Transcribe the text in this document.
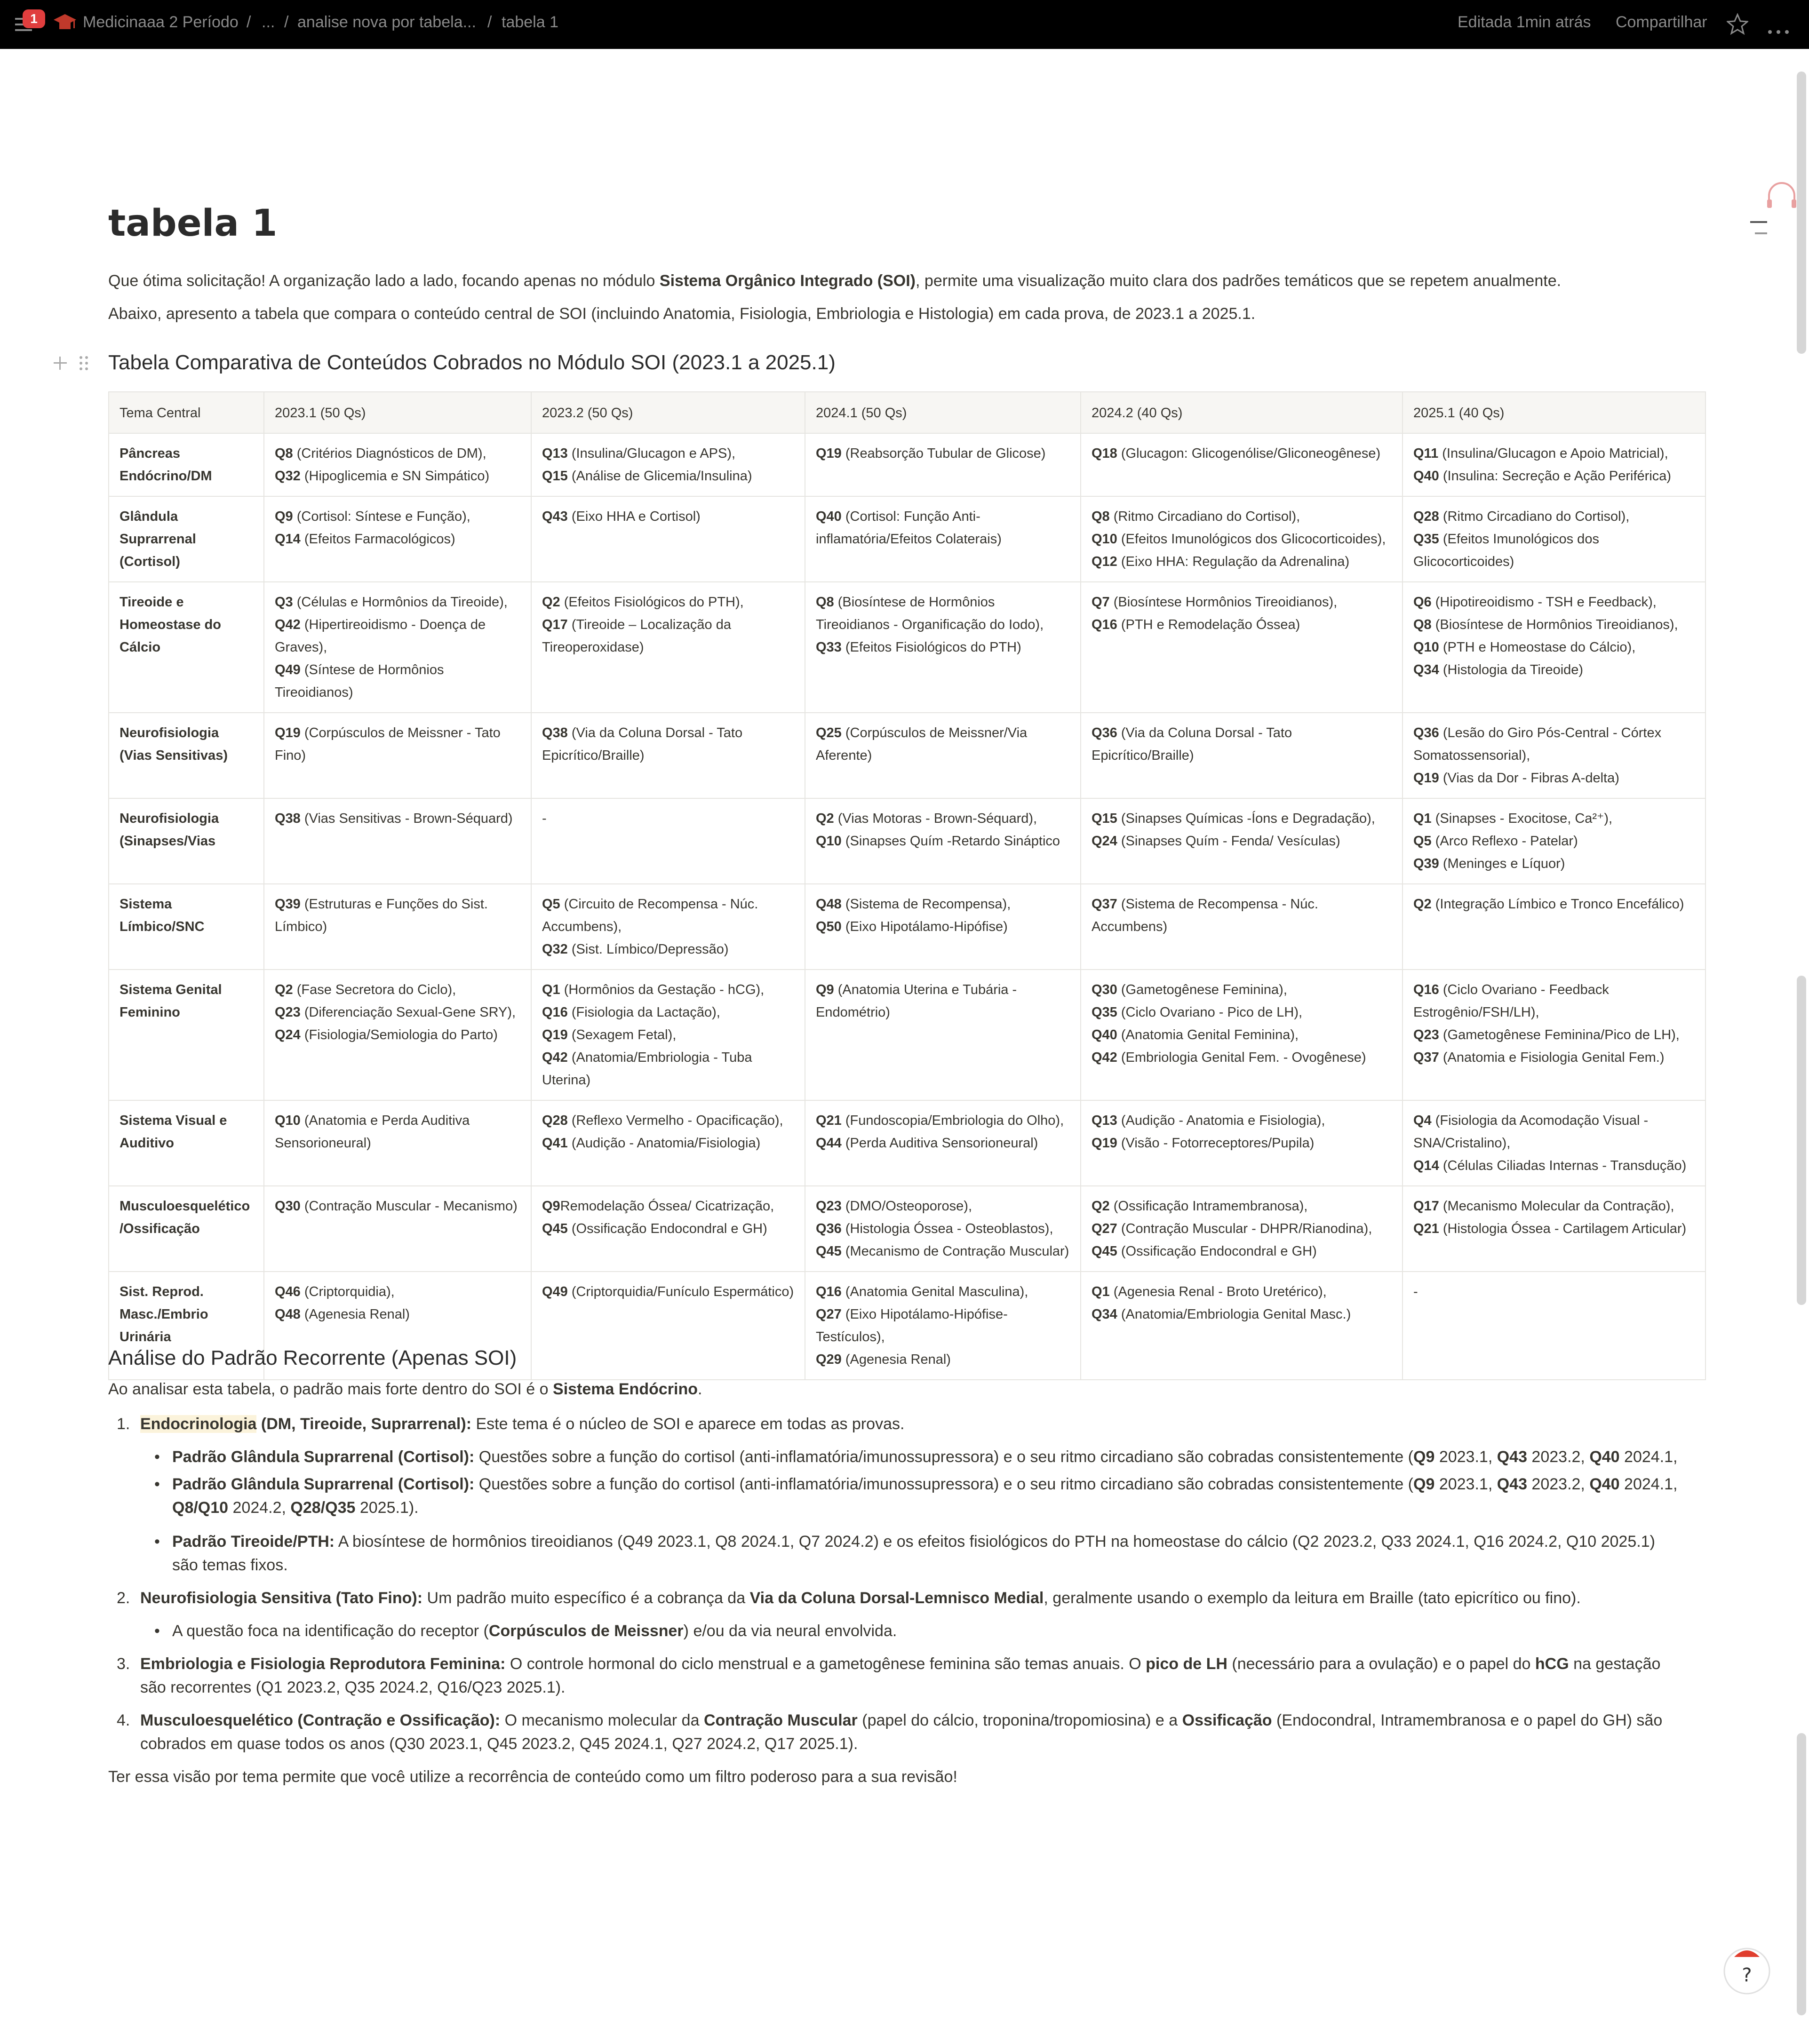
1	Medicinaaa 2 Período / ... / analise nova por tabela... / tabela 1	Editada 1min atrás Compartilhar
tabela 1
Que ótima solicitação! A organização lado a lado, focando apenas no módulo Sistema Orgânico Integrado (SOI), permite uma visualização muito clara dos padrões temáticos que se repetem anualmente.
Abaixo, apresento a tabela que compara o conteúdo central de SOI (incluindo Anatomia, Fisiologia, Embriologia e Histologia) em cada prova, de 2023.1 a 2025.1.
Tabela Comparativa de Conteúdos Cobrados no Módulo SOI (2023.1 a 2025.1)
Tema Central	2023.1 (50 Qs)	2023.2 (50 Qs)	2024.1 (50 Qs)	2024.2 (40 Qs)	2025.1 (40 Qs)
Pâncreas Endócrino/DM	Q8 (Critérios Diagnósticos de DM),
Q32 (Hipoglicemia e SN Simpático)	Q13 (Insulina/Glucagon e APS),
Q15 (Análise de Glicemia/Insulina)	Q19 (Reabsorção Tubular de Glicose)	Q18 (Glucagon: Glicogenólise/Gliconeogênese)	Q11 (Insulina/Glucagon e Apoio Matricial),
Q40 (Insulina: Secreção e Ação Periférica)
Glândula Suprarrenal (Cortisol)	Q9 (Cortisol: Síntese e Função),
Q14 (Efeitos Farmacológicos)	Q43 (Eixo HHA e Cortisol)	Q40 (Cortisol: Função Anti-inflamatória/Efeitos Colaterais)	Q8 (Ritmo Circadiano do Cortisol),
Q10 (Efeitos Imunológicos dos Glicocorticoides),
Q12 (Eixo HHA: Regulação da Adrenalina)	Q28 (Ritmo Circadiano do Cortisol),
Q35 (Efeitos Imunológicos dos Glicocorticoides)
Tireoide e Homeostase do Cálcio	Q3 (Células e Hormônios da Tireoide),
Q42 (Hipertireoidismo - Doença de Graves),
Q49 (Síntese de Hormônios Tireoidianos)	Q2 (Efeitos Fisiológicos do PTH),
Q17 (Tireoide – Localização da Tireoperoxidase)	Q8 (Biosíntese de Hormônios Tireoidianos - Organificação do Iodo),
Q33 (Efeitos Fisiológicos do PTH)	Q7 (Biosíntese Hormônios Tireoidianos),
Q16 (PTH e Remodelação Óssea)	Q6 (Hipotireoidismo - TSH e Feedback),
Q8 (Biosíntese de Hormônios Tireoidianos),
Q10 (PTH e Homeostase do Cálcio),
Q34 (Histologia da Tireoide)
Neurofisiologia (Vias Sensitivas)	Q19 (Corpúsculos de Meissner - Tato Fino)	Q38 (Via da Coluna Dorsal - Tato Epicrítico/Braille)	Q25 (Corpúsculos de Meissner/Via Aferente)	Q36 (Via da Coluna Dorsal - Tato Epicrítico/Braille)	Q36 (Lesão do Giro Pós-Central - Córtex Somatossensorial),
Q19 (Vias da Dor - Fibras A-delta)
Neurofisiologia (Sinapses/Vias	Q38 (Vias Sensitivas - Brown-Séquard)	-	Q2 (Vias Motoras - Brown-Séquard),
Q10 (Sinapses Quím -Retardo Sináptico	Q15 (Sinapses Químicas -Íons e Degradação),
Q24 (Sinapses Quím - Fenda/ Vesículas)	Q1 (Sinapses - Exocitose, Ca²⁺),
Q5 (Arco Reflexo - Patelar)
Q39 (Meninges e Líquor)
Sistema Límbico/SNC	Q39 (Estruturas e Funções do Sist. Límbico)	Q5 (Circuito de Recompensa - Núc. Accumbens),
Q32 (Sist. Límbico/Depressão)	Q48 (Sistema de Recompensa),
Q50 (Eixo Hipotálamo-Hipófise)	Q37 (Sistema de Recompensa - Núc. Accumbens)	Q2 (Integração Límbico e Tronco Encefálico)
Sistema Genital Feminino	Q2 (Fase Secretora do Ciclo),
Q23 (Diferenciação Sexual-Gene SRY),
Q24 (Fisiologia/Semiologia do Parto)	Q1 (Hormônios da Gestação - hCG),
Q16 (Fisiologia da Lactação),
Q19 (Sexagem Fetal),
Q42 (Anatomia/Embriologia - Tuba Uterina)	Q9 (Anatomia Uterina e Tubária - Endométrio)	Q30 (Gametogênese Feminina),
Q35 (Ciclo Ovariano - Pico de LH),
Q40 (Anatomia Genital Feminina),
Q42 (Embriologia Genital Fem. - Ovogênese)	Q16 (Ciclo Ovariano - Feedback Estrogênio/FSH/LH),
Q23 (Gametogênese Feminina/Pico de LH),
Q37 (Anatomia e Fisiologia Genital Fem.)
Sistema Visual e Auditivo	Q10 (Anatomia e Perda Auditiva Sensorioneural)	Q28 (Reflexo Vermelho - Opacificação),
Q41 (Audição - Anatomia/Fisiologia)	Q21 (Fundoscopia/Embriologia do Olho),
Q44 (Perda Auditiva Sensorioneural)	Q13 (Audição - Anatomia e Fisiologia),
Q19 (Visão - Fotorreceptores/Pupila)	Q4 (Fisiologia da Acomodação Visual - SNA/Cristalino),
Q14 (Células Ciliadas Internas - Transdução)
Musculoesquelético /Ossificação	Q30 (Contração Muscular - Mecanismo)	Q9Remodelação Óssea/ Cicatrização,
Q45 (Ossificação Endocondral e GH)	Q23 (DMO/Osteoporose),
Q36 (Histologia Óssea - Osteoblastos),
Q45 (Mecanismo de Contração Muscular)	Q2 (Ossificação Intramembranosa),
Q27 (Contração Muscular - DHPR/Rianodina),
Q45 (Ossificação Endocondral e GH)	Q17 (Mecanismo Molecular da Contração),
Q21 (Histologia Óssea - Cartilagem Articular)
Sist. Reprod. Masc./Embrio Urinária	Q46 (Criptorquidia),
Q48 (Agenesia Renal)	Q49 (Criptorquidia/Funículo Espermático)	Q16 (Anatomia Genital Masculina),
Q27 (Eixo Hipotálamo-Hipófise-Testículos),
Q29 (Agenesia Renal)	Q1 (Agenesia Renal - Broto Uretérico),
Q34 (Anatomia/Embriologia Genital Masc.)	-
Análise do Padrão Recorrente (Apenas SOI)
Ao analisar esta tabela, o padrão mais forte dentro do SOI é o Sistema Endócrino.
1. Endocrinologia (DM, Tireoide, Suprarrenal): Este tema é o núcleo de SOI e aparece em todas as provas.
• Padrão Glândula Suprarrenal (Cortisol): Questões sobre a função do cortisol (anti-inflamatória/imunossupressora) e o seu ritmo circadiano são cobradas consistentemente (Q9 2023.1, Q43 2023.2, Q40 2024.1,
• Padrão Glândula Suprarrenal (Cortisol): Questões sobre a função do cortisol (anti-inflamatória/imunossupressora) e o seu ritmo circadiano são cobradas consistentemente (Q9 2023.1, Q43 2023.2, Q40 2024.1,
Q8/Q10 2024.2, Q28/Q35 2025.1).
• Padrão Tireoide/PTH: A biosíntese de hormônios tireoidianos (Q49 2023.1, Q8 2024.1, Q7 2024.2) e os efeitos fisiológicos do PTH na homeostase do cálcio (Q2 2023.2, Q33 2024.1, Q16 2024.2, Q10 2025.1)
são temas fixos.
2. Neurofisiologia Sensitiva (Tato Fino): Um padrão muito específico é a cobrança da Via da Coluna Dorsal-Lemnisco Medial, geralmente usando o exemplo da leitura em Braille (tato epicrítico ou fino).
• A questão foca na identificação do receptor (Corpúsculos de Meissner) e/ou da via neural envolvida.
3. Embriologia e Fisiologia Reprodutora Feminina: O controle hormonal do ciclo menstrual e a gametogênese feminina são temas anuais. O pico de LH (necessário para a ovulação) e o papel do hCG na gestação
são recorrentes (Q1 2023.2, Q35 2024.2, Q16/Q23 2025.1).
4. Musculoesquelético (Contração e Ossificação): O mecanismo molecular da Contração Muscular (papel do cálcio, troponina/tropomiosina) e a Ossificação (Endocondral, Intramembranosa e o papel do GH) são
cobrados em quase todos os anos (Q30 2023.1, Q45 2023.2, Q45 2024.1, Q27 2024.2, Q17 2025.1).
Ter essa visão por tema permite que você utilize a recorrência de conteúdo como um filtro poderoso para a sua revisão!
?
